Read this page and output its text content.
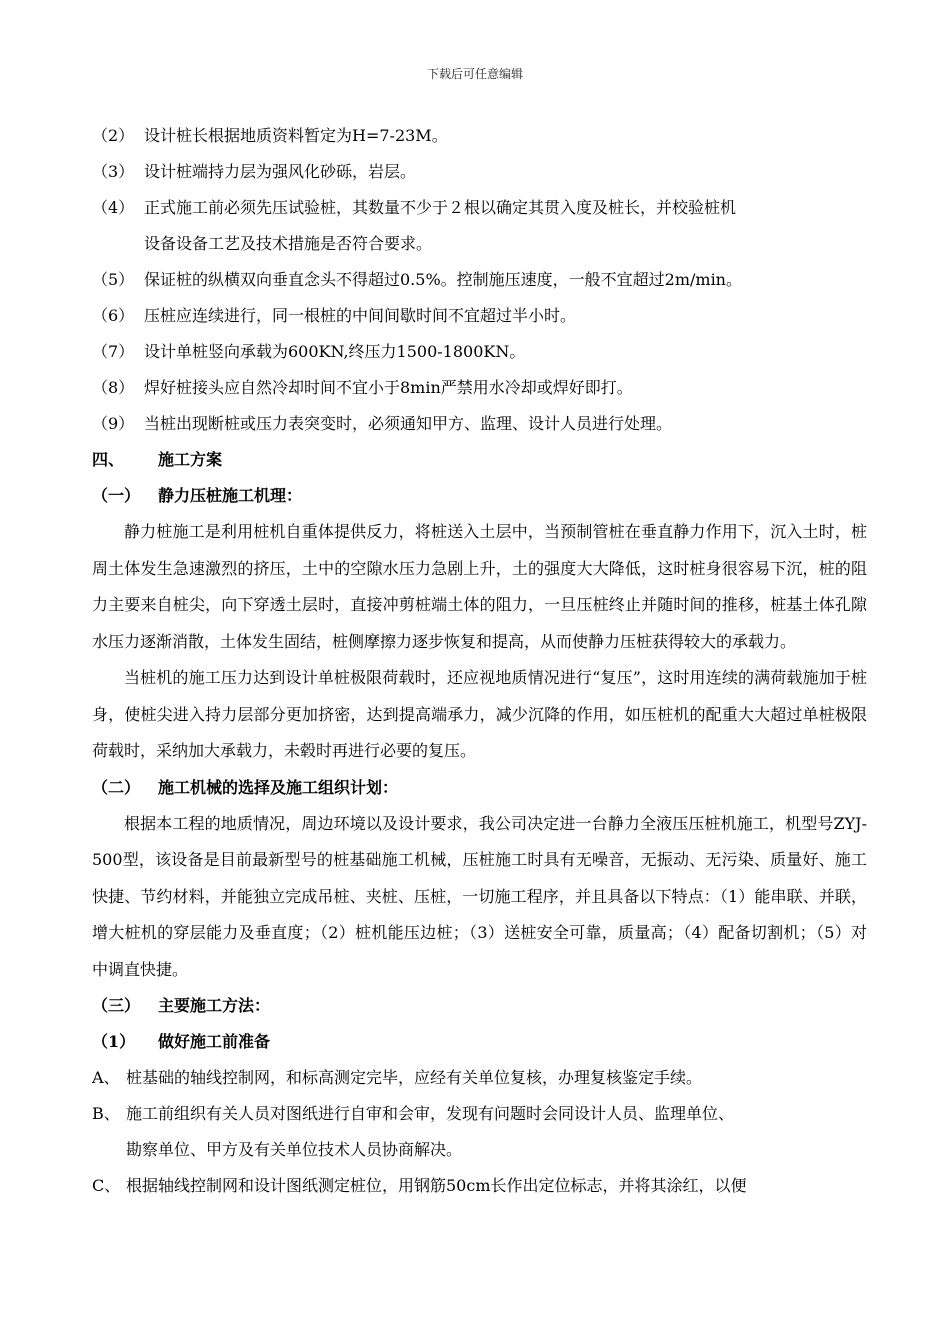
下载后可任意编辑
（2） 设计桩长根据地质资料暂定为H=7-23M。
（3） 设计桩端持力层为强风化砂砾，岩层。
（4） 正式施工前必须先压试验桩，其数量不少于２根以确定其贯入度及桩长，并校验桩机
设备设备工艺及技术措施是否符合要求。
（5） 保证桩的纵横双向垂直念头不得超过0.5%。控制施压速度，一般不宜超过2m/min。
（6） 压桩应连续进行，同一根桩的中间间歇时间不宜超过半小时。
（7） 设计单桩竖向承载为600KN,终压力1500-1800KN。
（8） 焊好桩接头应自然冷却时间不宜小于8min严禁用水冷却或焊好即打。
（9） 当桩出现断桩或压力表突变时，必须通知甲方、监理、设计人员进行处理。
四、	施工方案
（一）	静力压桩施工机理：
静力桩施工是利用桩机自重体提供反力，将桩送入土层中，当预制管桩在垂直静力作用下，沉入土时，桩周土体发生急速激烈的挤压，土中的空隙水压力急剧上升，土的强度大大降低，这时桩身很容易下沉，桩的阻力主要来自桩尖，向下穿透土层时，直接冲剪桩端土体的阻力，一旦压桩终止并随时间的推移，桩基土体孔隙水压力逐渐消散，土体发生固结，桩侧摩擦力逐步恢复和提高，从而使静力压桩获得较大的承载力。
当桩机的施工压力达到设计单桩极限荷载时，还应视地质情况进行“复压”，这时用连续的满荷载施加于桩身，使桩尖进入持力层部分更加挤密，达到提高端承力，减少沉降的作用，如压桩机的配重大大超过单桩极限荷载时，采纳加大承载力，未毂时再进行必要的复压。
（二）	施工机械的选择及施工组织计划：
根据本工程的地质情况，周边环境以及设计要求，我公司决定进一台静力全液压压桩机施工，机型号ZYJ-500型，该设备是目前最新型号的桩基础施工机械，压桩施工时具有无噪音，无振动、无污染、质量好、施工快捷、节约材料，并能独立完成吊桩、夹桩、压桩，一切施工程序，并且具备以下特点：（1）能串联、并联，增大桩机的穿层能力及垂直度；（2）桩机能压边桩；（3）送桩安全可靠，质量高；（4）配备切割机；（5）对中调直快捷。
（三）	主要施工方法：
（1）	做好施工前准备
A、 桩基础的轴线控制网，和标高测定完毕，应经有关单位复核，办理复核鉴定手续。
B、 施工前组织有关人员对图纸进行自审和会审，发现有问题时会同设计人员、监理单位、
勘察单位、甲方及有关单位技术人员协商解决。
C、 根据轴线控制网和设计图纸测定桩位，用钢筋50cm长作出定位标志，并将其涂红，以便
